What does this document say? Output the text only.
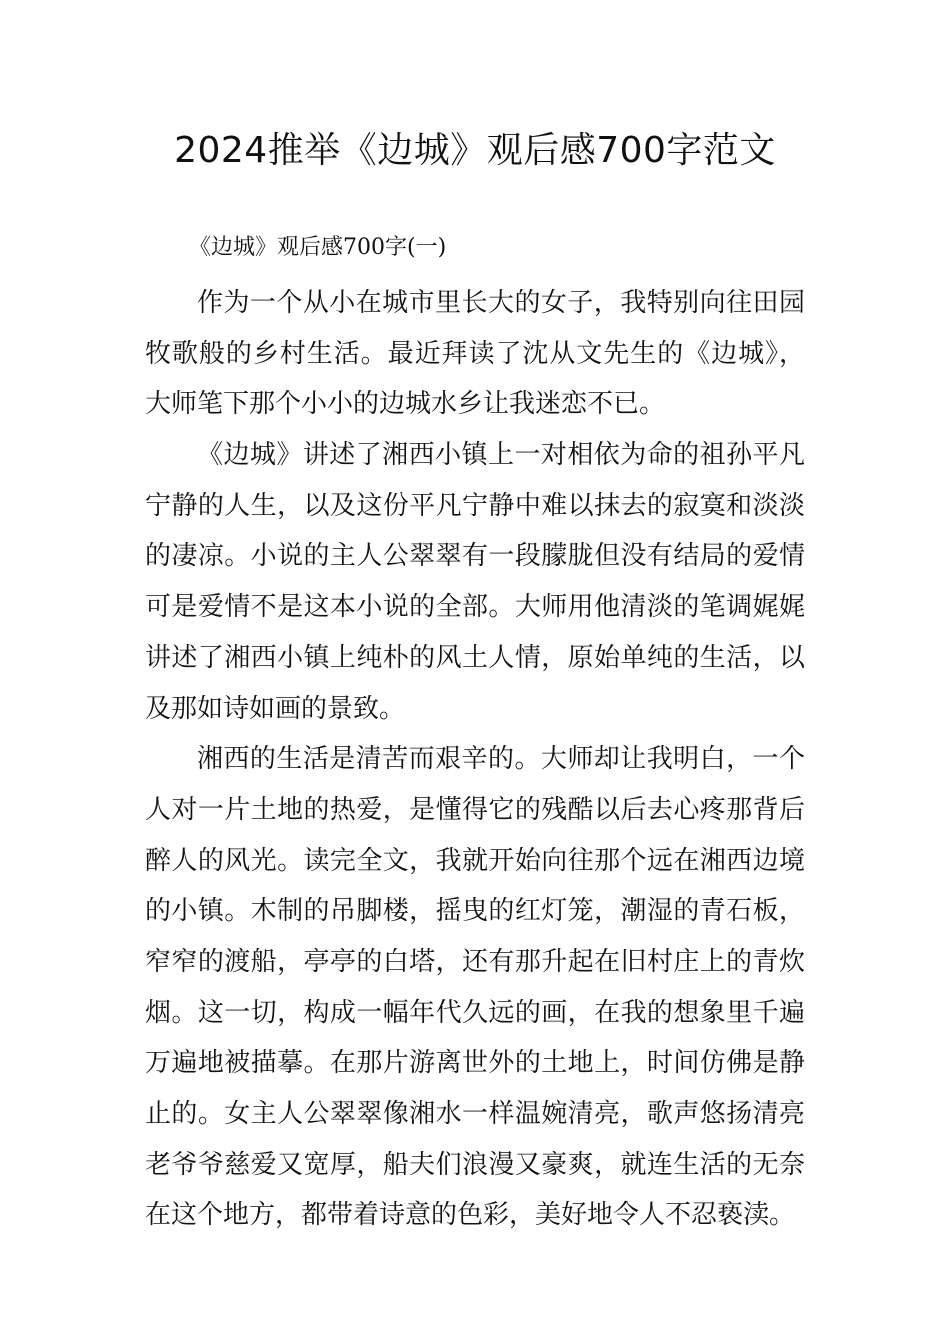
2024推举《边城》观后感700字范文
《边城》观后感700字(一)
作为一个从小在城市里长大的女子，我特别向往田园
牧歌般的乡村生活。最近拜读了沈从文先生的《边城》，
大师笔下那个小小的边城水乡让我迷恋不已。
《边城》讲述了湘西小镇上一对相依为命的祖孙平凡
宁静的人生，以及这份平凡宁静中难以抹去的寂寞和淡淡
的凄凉。小说的主人公翠翠有一段朦胧但没有结局的爱情
可是爱情不是这本小说的全部。大师用他清淡的笔调娓娓
讲述了湘西小镇上纯朴的风土人情，原始单纯的生活，以
及那如诗如画的景致。
湘西的生活是清苦而艰辛的。大师却让我明白，一个
人对一片土地的热爱，是懂得它的残酷以后去心疼那背后
醉人的风光。读完全文，我就开始向往那个远在湘西边境
的小镇。木制的吊脚楼，摇曳的红灯笼，潮湿的青石板，
窄窄的渡船，亭亭的白塔，还有那升起在旧村庄上的青炊
烟。这一切，构成一幅年代久远的画，在我的想象里千遍
万遍地被描摹。在那片游离世外的土地上，时间仿佛是静
止的。女主人公翠翠像湘水一样温婉清亮，歌声悠扬清亮
老爷爷慈爱又宽厚，船夫们浪漫又豪爽，就连生活的无奈
在这个地方，都带着诗意的色彩，美好地令人不忍亵渎。
